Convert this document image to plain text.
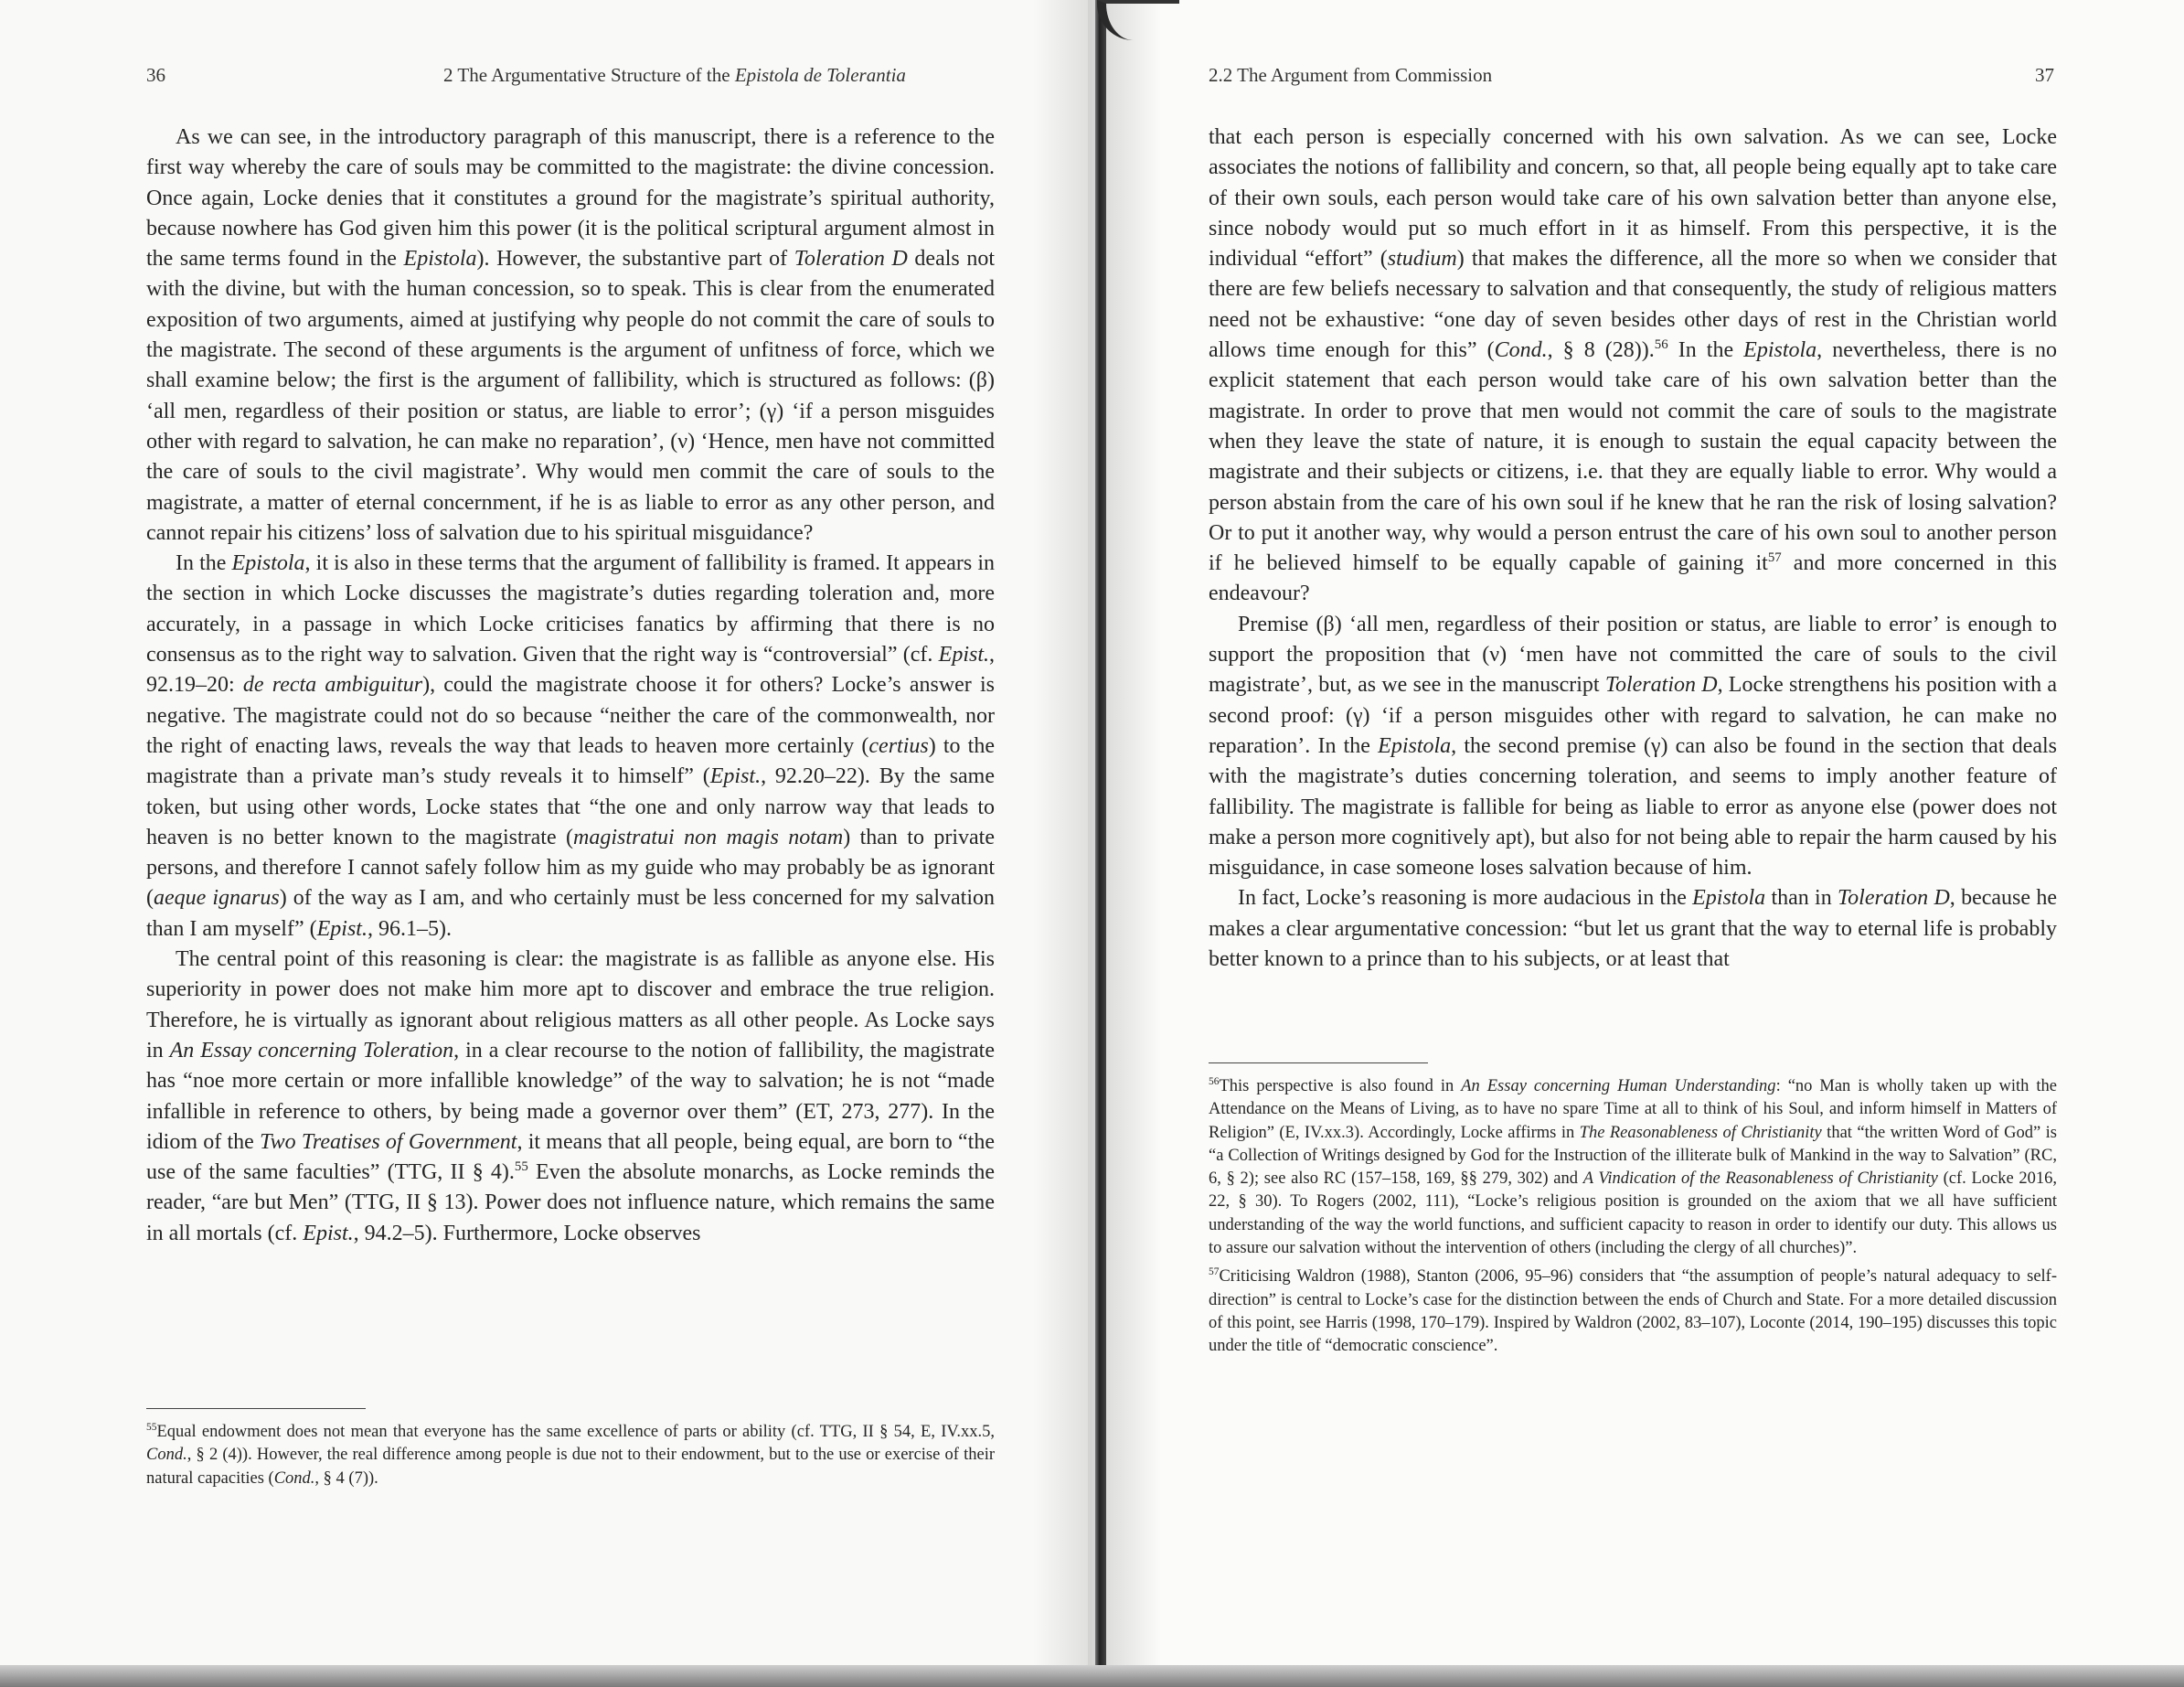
36	2 The Argumentative Structure of the Epistola de Tolerantia

As we can see, in the introductory paragraph of this manuscript, there is a reference to the first way whereby the care of souls may be committed to the magistrate: the divine concession. Once again, Locke denies that it constitutes a ground for the magistrate’s spiritual authority, because nowhere has God given him this power (it is the political scriptural argument almost in the same terms found in the Epistola). However, the substantive part of Toleration D deals not with the divine, but with the human concession, so to speak. This is clear from the enumerated exposition of two arguments, aimed at justifying why people do not commit the care of souls to the magistrate. The second of these arguments is the argument of unfitness of force, which we shall examine below; the first is the argument of fallibility, which is structured as follows: (β) ‘all men, regardless of their position or status, are liable to error’; (γ) ‘if a person misguides other with regard to salvation, he can make no reparation’, (ν) ‘Hence, men have not committed the care of souls to the civil magistrate’. Why would men commit the care of souls to the magistrate, a matter of eternal concernment, if he is as liable to error as any other person, and cannot repair his citizens’ loss of salvation due to his spiritual misguidance?

In the Epistola, it is also in these terms that the argument of fallibility is framed. It appears in the section in which Locke discusses the magistrate’s duties regarding toleration and, more accurately, in a passage in which Locke criticises fanatics by affirming that there is no consensus as to the right way to salvation. Given that the right way is “controversial” (cf. Epist., 92.19–20: de recta ambiguitur), could the magistrate choose it for others? Locke’s answer is negative. The magistrate could not do so because “neither the care of the commonwealth, nor the right of enacting laws, reveals the way that leads to heaven more certainly (certius) to the magistrate than a private man’s study reveals it to himself” (Epist., 92.20–22). By the same token, but using other words, Locke states that “the one and only narrow way that leads to heaven is no better known to the magistrate (magistratui non magis notam) than to private persons, and therefore I cannot safely follow him as my guide who may probably be as ignorant (aeque ignarus) of the way as I am, and who certainly must be less concerned for my salvation than I am myself” (Epist., 96.1–5).

The central point of this reasoning is clear: the magistrate is as fallible as anyone else. His superiority in power does not make him more apt to discover and embrace the true religion. Therefore, he is virtually as ignorant about religious matters as all other people. As Locke says in An Essay concerning Toleration, in a clear recourse to the notion of fallibility, the magistrate has “noe more certain or more infallible knowledge” of the way to salvation; he is not “made infallible in reference to others, by being made a governor over them” (ET, 273, 277). In the idiom of the Two Treatises of Government, it means that all people, being equal, are born to “the use of the same faculties” (TTG, II § 4).$^{55}$ Even the absolute monarchs, as Locke reminds the reader, “are but Men” (TTG, II § 13). Power does not influence nature, which remains the same in all mortals (cf. Epist., 94.2–5). Furthermore, Locke observes

$^{55}$Equal endowment does not mean that everyone has the same excellence of parts or ability (cf. TTG, II § 54, E, IV.xx.5, Cond., § 2 (4)). However, the real difference among people is due not to their endowment, but to the use or exercise of their natural capacities (Cond., § 4 (7)).

2.2 The Argument from Commission	37

that each person is especially concerned with his own salvation. As we can see, Locke associates the notions of fallibility and concern, so that, all people being equally apt to take care of their own souls, each person would take care of his own salvation better than anyone else, since nobody would put so much effort in it as himself. From this perspective, it is the individual “effort” (studium) that makes the difference, all the more so when we consider that there are few beliefs necessary to salvation and that consequently, the study of religious matters need not be exhaustive: “one day of seven besides other days of rest in the Christian world allows time enough for this” (Cond., § 8 (28)).$^{56}$ In the Epistola, nevertheless, there is no explicit statement that each person would take care of his own salvation better than the magistrate. In order to prove that men would not commit the care of souls to the magistrate when they leave the state of nature, it is enough to sustain the equal capacity between the magistrate and their subjects or citizens, i.e. that they are equally liable to error. Why would a person abstain from the care of his own soul if he knew that he ran the risk of losing salvation? Or to put it another way, why would a person entrust the care of his own soul to another person if he believed himself to be equally capable of gaining $it^{57}$ and more concerned in this endeavour?

Premise (β) ‘all men, regardless of their position or status, are liable to error’ is enough to support the proposition that (ν) ‘men have not committed the care of souls to the civil magistrate’, but, as we see in the manuscript Toleration D, Locke strengthens his position with a second proof: (γ) ‘if a person misguides other with regard to salvation, he can make no reparation’. In the Epistola, the second premise (γ) can also be found in the section that deals with the magistrate’s duties concerning toleration, and seems to imply another feature of fallibility. The magistrate is fallible for being as liable to error as anyone else (power does not make a person more cognitively apt), but also for not being able to repair the harm caused by his misguidance, in case someone loses salvation because of him.

In fact, Locke’s reasoning is more audacious in the Epistola than in Toleration D, because he makes a clear argumentative concession: “but let us grant that the way to eternal life is probably better known to a prince than to his subjects, or at least that

$^{56}$This perspective is also found in An Essay concerning Human Understanding: “no Man is wholly taken up with the Attendance on the Means of Living, as to have no spare Time at all to think of his Soul, and inform himself in Matters of Religion” (E, IV.xx.3). Accordingly, Locke affirms in The Reasonableness of Christianity that “the written Word of God” is “a Collection of Writings designed by God for the Instruction of the illiterate bulk of Mankind in the way to Salvation” (RC, 6, § 2); see also RC (157–158, 169, §§ 279, 302) and A Vindication of the Reasonableness of Christianity (cf. Locke 2016, 22, § 30). To Rogers (2002, 111), “Locke’s religious position is grounded on the axiom that we all have sufficient understanding of the way the world functions, and sufficient capacity to reason in order to identify our duty. This allows us to assure our salvation without the intervention of others (including the clergy of all churches)”.

$^{57}$Criticising Waldron (1988), Stanton (2006, 95–96) considers that “the assumption of people’s natural adequacy to self-direction” is central to Locke’s case for the distinction between the ends of Church and State. For a more detailed discussion of this point, see Harris (1998, 170–179). Inspired by Waldron (2002, 83–107), Loconte (2014, 190–195) discusses this topic under the title of “democratic conscience”.
